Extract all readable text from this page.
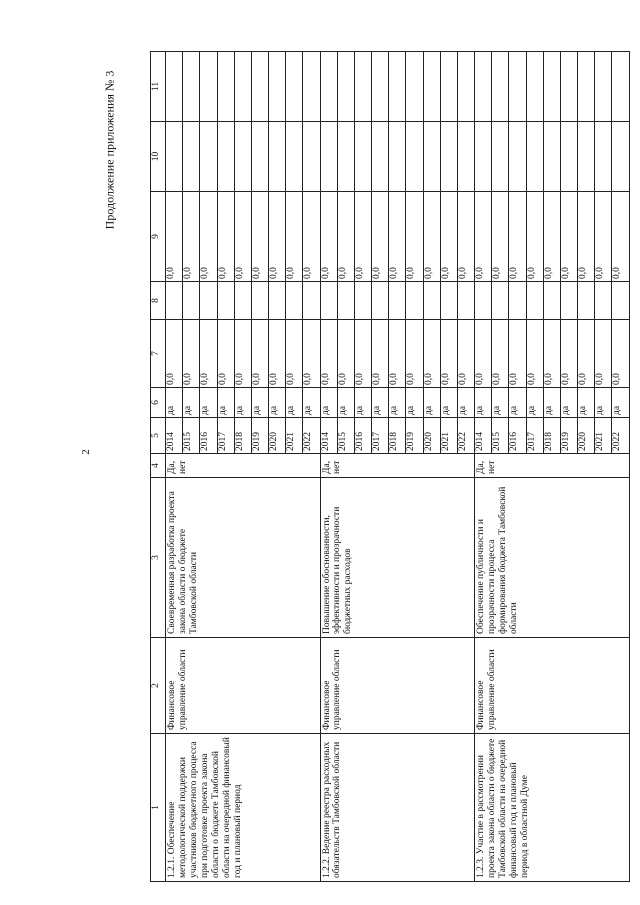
2
Продолжение приложения № 3
1	2	3	4	5	6	7	8	9	10	11
1.2.1. Обеспечение методологической поддержки участников бюджетного процесса при подготовке проекта закона области о бюджете Тамбовской области на очередной финансовый год и плановый период	Финансовое управление области	Своевременная разработка проекта закона области о бюджете Тамбовской области	Да, нет	2014	да	0,0		0,0		
				2015	да	0,0		0,0		
				2016	да	0,0		0,0		
				2017	да	0,0		0,0		
				2018	да	0,0		0,0		
				2019	да	0,0		0,0		
				2020	да	0,0		0,0		
				2021	да	0,0		0,0		
				2022	да	0,0		0,0		
1.2.2. Ведение реестра расходных обязательств Тамбовской области	Финансовое управление области	Повышение обоснованности, эффективности и прозрачности бюджетных расходов	Да, нет	2014	да	0,0		0,0		
				2015	да	0,0		0,0		
				2016	да	0,0		0,0		
				2017	да	0,0		0,0		
				2018	да	0,0		0,0		
				2019	да	0,0		0,0		
				2020	да	0,0		0,0		
				2021	да	0,0		0,0		
				2022	да	0,0		0,0		
1.2.3. Участие в рассмотрении проекта закона области о бюджете Тамбовской области на очередной финансовый год и плановый период в областной Думе	Финансовое управление области	Обеспечение публичности и прозрачности процесса формирования бюджета Тамбовской области	Да, нет	2014	да	0,0		0,0		
				2015	да	0,0		0,0		
				2016	да	0,0		0,0		
				2017	да	0,0		0,0		
				2018	да	0,0		0,0		
				2019	да	0,0		0,0		
				2020	да	0,0		0,0		
				2021	да	0,0		0,0		
				2022	да	0,0		0,0		
